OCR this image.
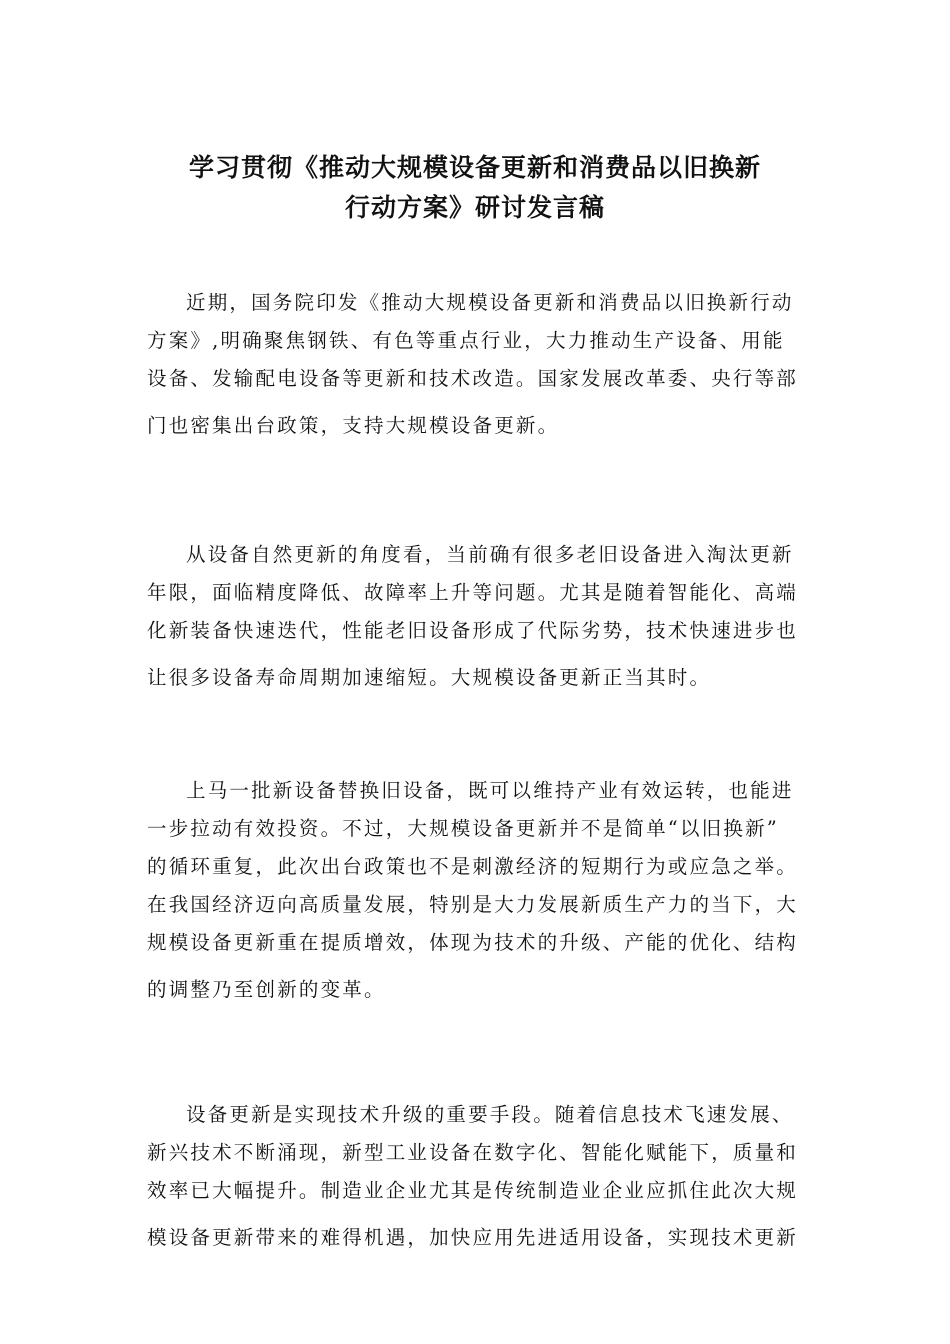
学习贯彻《推动大规模设备更新和消费品以旧换新
行动方案》研讨发言稿
近期，国务院印发《推动大规模设备更新和消费品以旧换新行动
方案》,明确聚焦钢铁、有色等重点行业，大力推动生产设备、用能
设备、发输配电设备等更新和技术改造。国家发展改革委、央行等部
门也密集出台政策，支持大规模设备更新。
从设备自然更新的角度看，当前确有很多老旧设备进入淘汰更新
年限，面临精度降低、故障率上升等问题。尤其是随着智能化、高端
化新装备快速迭代，性能老旧设备形成了代际劣势，技术快速进步也
让很多设备寿命周期加速缩短。大规模设备更新正当其时。
上马一批新设备替换旧设备，既可以维持产业有效运转，也能进
一步拉动有效投资。不过，大规模设备更新并不是简单“以旧换新”
的循环重复，此次出台政策也不是刺激经济的短期行为或应急之举。
在我国经济迈向高质量发展，特别是大力发展新质生产力的当下，大
规模设备更新重在提质增效，体现为技术的升级、产能的优化、结构
的调整乃至创新的变革。
设备更新是实现技术升级的重要手段。随着信息技术飞速发展、
新兴技术不断涌现，新型工业设备在数字化、智能化赋能下，质量和
效率已大幅提升。制造业企业尤其是传统制造业企业应抓住此次大规
模设备更新带来的难得机遇，加快应用先进适用设备，实现技术更新
